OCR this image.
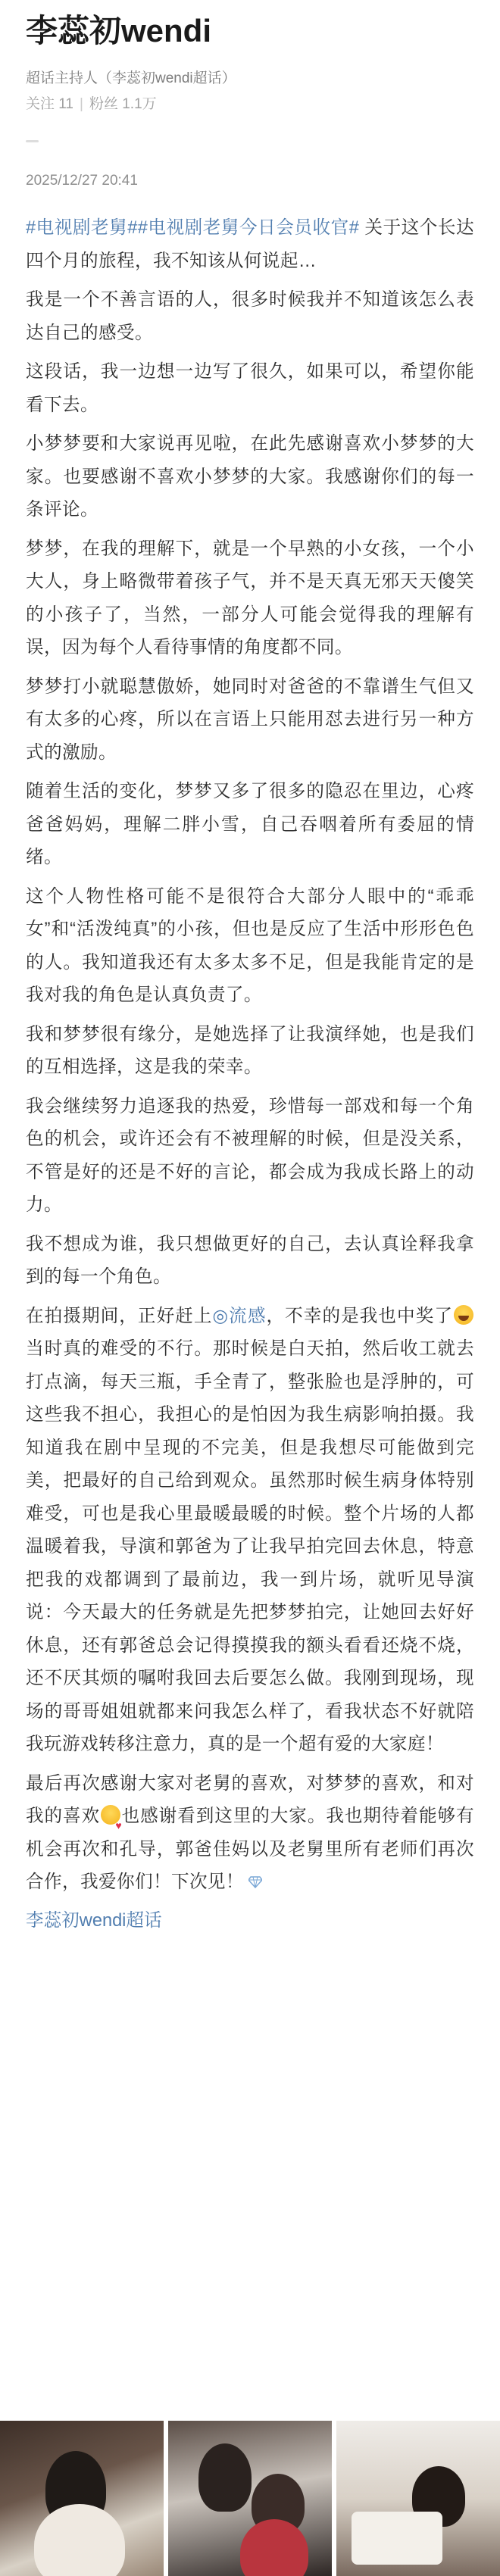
李蕊初wendi
超话主持人（李蕊初wendi超话）
关注 11 | 粉丝 1.1万
2025/12/27 20:41

#电视剧老舅##电视剧老舅今日会员收官# 关于这个长达四个月的旅程，我不知该从何说起…

我是一个不善言语的人，很多时候我并不知道该怎么表达自己的感受。

这段话，我一边想一边写了很久，如果可以，希望你能看下去。

小梦梦要和大家说再见啦，在此先感谢喜欢小梦梦的大家。也要感谢不喜欢小梦梦的大家。我感谢你们的每一条评论。

梦梦，在我的理解下，就是一个早熟的小女孩，一个小大人，身上略微带着孩子气，并不是天真无邪天天傻笑的小孩子了，当然，一部分人可能会觉得我的理解有误，因为每个人看待事情的角度都不同。

梦梦打小就聪慧傲娇，她同时对爸爸的不靠谱生气但又有太多的心疼，所以在言语上只能用怼去进行另一种方式的激励。

随着生活的变化，梦梦又多了很多的隐忍在里边，心疼爸爸妈妈，理解二胖小雪，自己吞咽着所有委屈的情绪。

这个人物性格可能不是很符合大部分人眼中的“乖乖女”和“活泼纯真”的小孩，但也是反应了生活中形形色色的人。我知道我还有太多太多不足，但是我能肯定的是我对我的角色是认真负责了。

我和梦梦很有缘分，是她选择了让我演绎她，也是我们的互相选择，这是我的荣幸。

我会继续努力追逐我的热爱，珍惜每一部戏和每一个角色的机会，或许还会有不被理解的时候，但是没关系，不管是好的还是不好的言论，都会成为我成长路上的动力。

我不想成为谁，我只想做更好的自己，去认真诠释我拿到的每一个角色。

在拍摄期间，正好赶上◎流感，不幸的是我也中奖了当时真的难受的不行。那时候是白天拍，然后收工就去打点滴，每天三瓶，手全青了，整张脸也是浮肿的，可这些我不担心，我担心的是怕因为我生病影响拍摄。我知道我在剧中呈现的不完美，但是我想尽可能做到完美，把最好的自己给到观众。虽然那时候生病身体特别难受，可也是我心里最暖最暖的时候。整个片场的人都温暖着我，导演和郭爸为了让我早拍完回去休息，特意把我的戏都调到了最前边，我一到片场，就听见导演说：今天最大的任务就是先把梦梦拍完，让她回去好好休息，还有郭爸总会记得摸摸我的额头看看还烧不烧，还不厌其烦的嘱咐我回去后要怎么做。我刚到现场，现场的哥哥姐姐就都来问我怎么样了，看我状态不好就陪我玩游戏转移注意力，真的是一个超有爱的大家庭！

最后再次感谢大家对老舅的喜欢，对梦梦的喜欢，和对我的喜欢♥ 也感谢看到这里的大家。我也期待着能够有机会再次和孔导，郭爸佳妈以及老舅里所有老师们再次合作，我爱你们！下次见！

李蕊初wendi超话
